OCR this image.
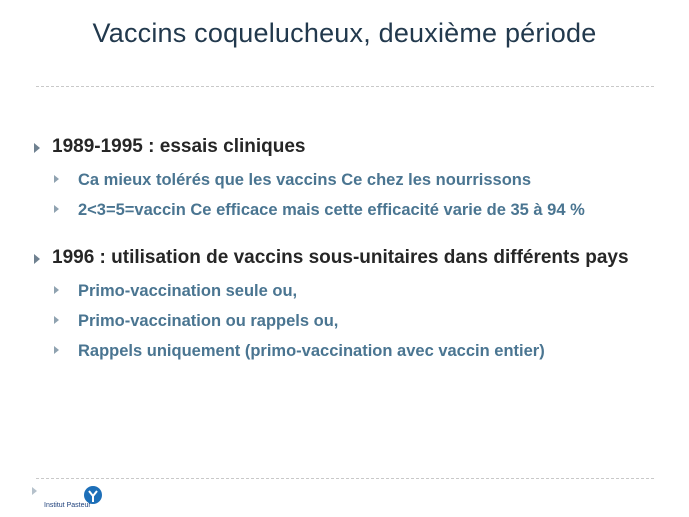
Vaccins coquelucheux, deuxième période
1989-1995 : essais cliniques
Ca mieux tolérés que les vaccins Ce chez les nourrissons
2<3=5=vaccin Ce efficace mais cette efficacité varie de 35 à 94 %
1996 : utilisation de vaccins sous-unitaires dans différents pays
Primo-vaccination seule ou,
Primo-vaccination ou rappels ou,
Rappels uniquement (primo-vaccination avec vaccin entier)
Institut Pasteur
